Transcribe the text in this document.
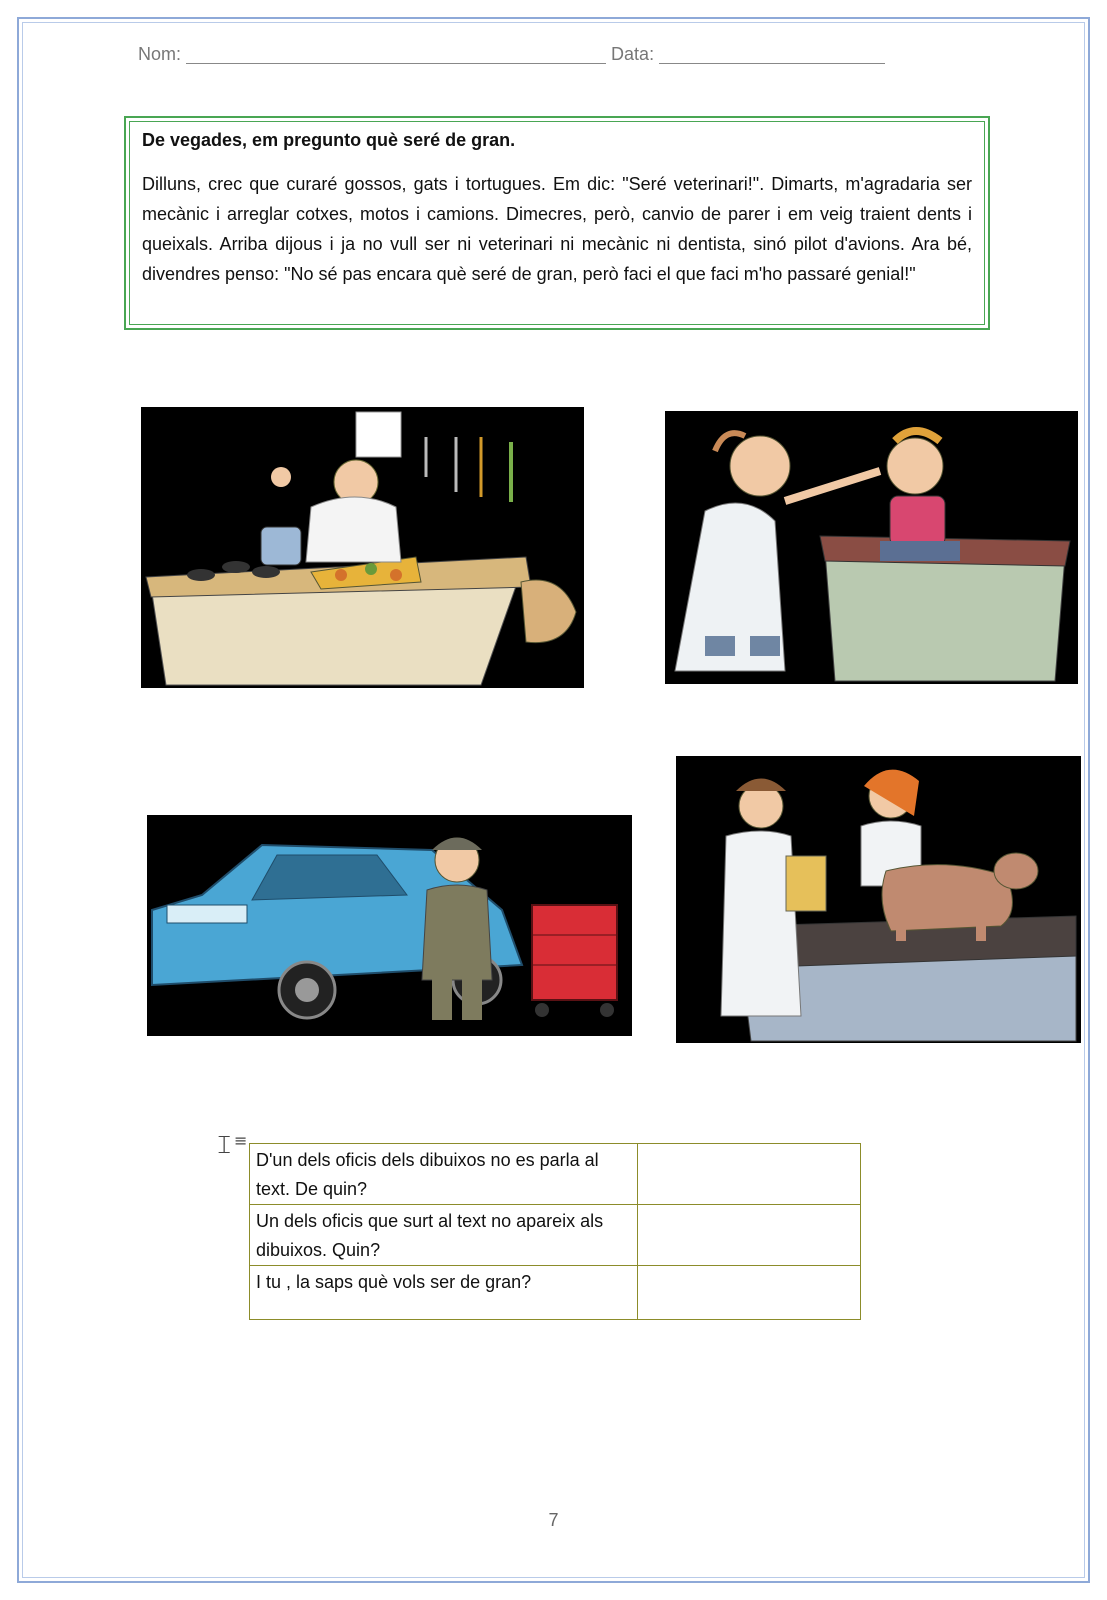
Nom:	Data:

De vegades, em pregunto què seré de gran.

Dilluns, crec que curaré gossos, gats i tortugues. Em dic: "Seré veterinari!". Dimarts, m'agradaria ser mecànic i arreglar cotxes, motos i camions. Dimecres, però, canvio de parer i em veig traient dents i queixals. Arriba dijous i ja no vull ser ni veterinari ni mecànic ni dentista, sinó pilot d'avions. Ara bé, divendres penso: "No sé pas encara què seré de gran, però faci el que faci m'ho passaré genial!"

𝙸 ≡
D'un dels oficis dels dibuixos no es parla al text. De quin?	
Un dels oficis que surt al text no apareix als dibuixos. Quin?	
I tu , la saps què vols ser de gran?	
7
